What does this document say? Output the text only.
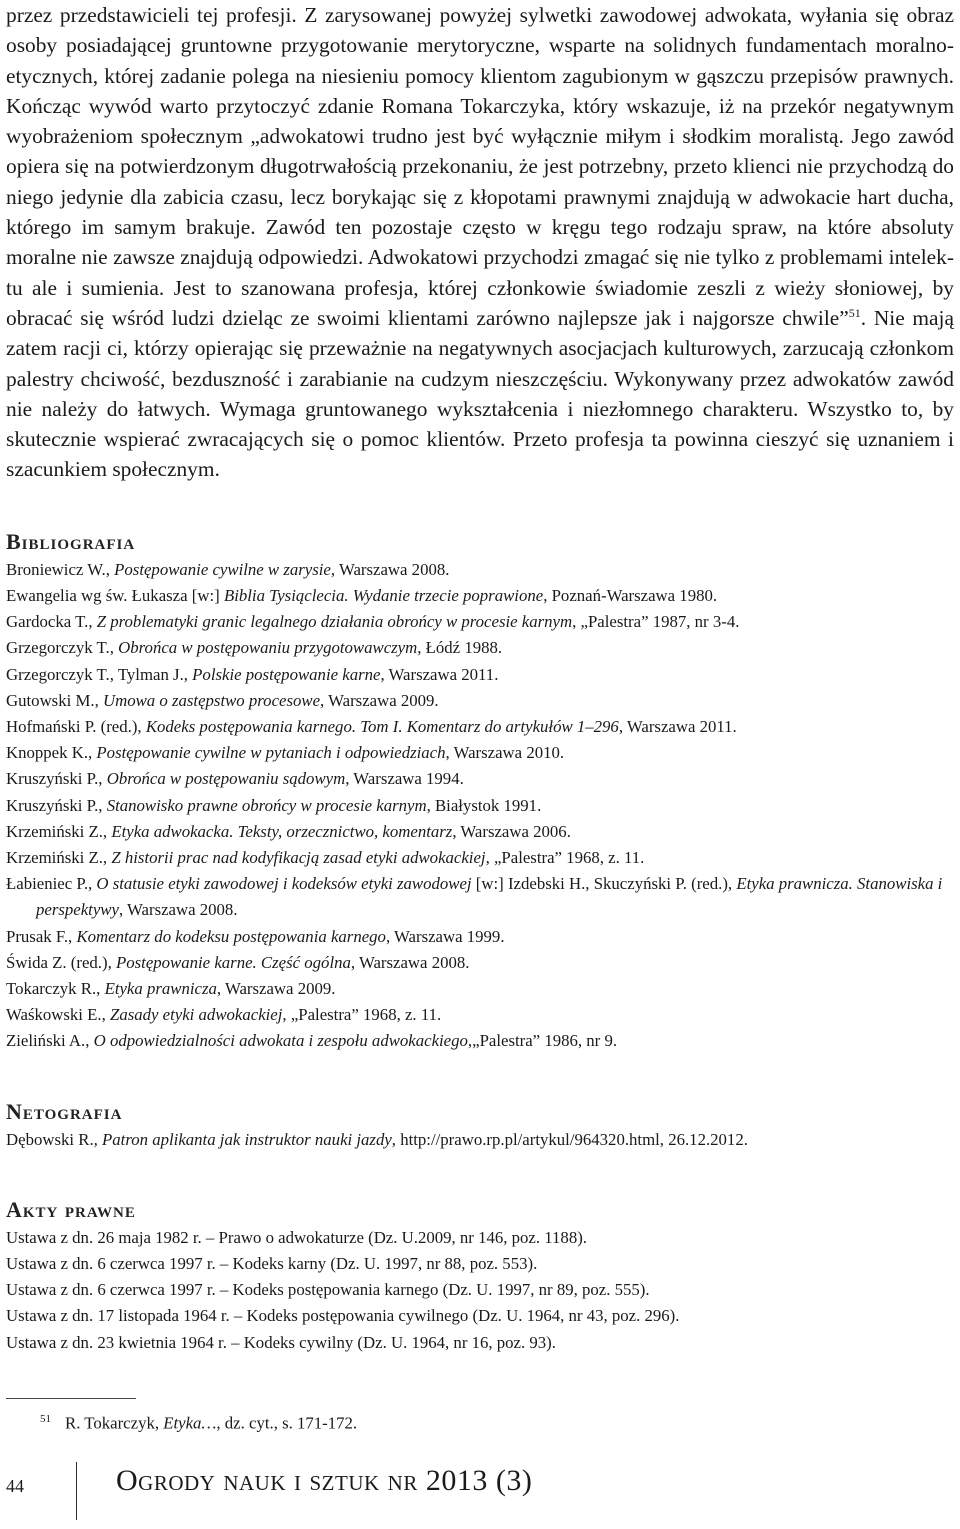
przez przedstawicieli tej profesji. Z zarysowanej powyżej sylwetki zawodowej adwokata, wyłania się obraz osoby posiadającej gruntowne przygotowanie merytoryczne, wsparte na solidnych fundamentach moralno-etycznych, której zadanie polega na niesieniu pomocy klientom zagubionym w gąszczu przepisów prawnych. Kończąc wywód warto przytoczyć zdanie Romana Tokarczyka, który wskazuje, iż na przekór negatywnym wyobrażeniom społecznym „adwokatowi trudno jest być wyłącznie miłym i słodkim moralistą. Jego zawód opiera się na potwierdzonym długotrwałością przekonaniu, że jest potrzebny, przeto klienci nie przychodzą do niego jedynie dla zabicia czasu, lecz borykając się z kłopotami prawnymi znajdują w adwokacie hart ducha, którego im samym brakuje. Zawód ten pozostaje często w kręgu tego rodzaju spraw, na które absoluty moralne nie zawsze znajdują odpowiedzi. Adwokatowi przychodzi zmagać się nie tylko z problemami intelektu ale i sumienia. Jest to szanowana profesja, której członkowie świadomie zeszli z wieży słoniowej, by obracać się wśród ludzi dzieląc ze swoimi klientami zarówno najlepsze jak i najgorsze chwile”$^{51}$. Nie mają zatem racji ci, którzy opierając się przeważnie na negatywnych asocjacjach kulturowych, zarzucają członkom palestry chciwość, bezduszność i zarabianie na cudzym nieszczęściu. Wykonywany przez adwokatów zawód nie należy do łatwych. Wymaga gruntowanego wykształcenia i niezłomnego charakteru. Wszystko to, by skutecznie wspierać zwracających się o pomoc klientów. Przeto profesja ta powinna cieszyć się uznaniem i szacunkiem społecznym.

Bibliografia
Broniewicz W., Postępowanie cywilne w zarysie, Warszawa 2008.
Ewangelia wg św. Łukasza [w:] Biblia Tysiąclecia. Wydanie trzecie poprawione, Poznań-Warszawa 1980.
Gardocka T., Z problematyki granic legalnego działania obrońcy w procesie karnym, „Palestra” 1987, nr 3-4.
Grzegorczyk T., Obrońca w postępowaniu przygotowawczym, Łódź 1988.
Grzegorczyk T., Tylman J., Polskie postępowanie karne, Warszawa 2011.
Gutowski M., Umowa o zastępstwo procesowe, Warszawa 2009.
Hofmański P. (red.), Kodeks postępowania karnego. Tom I. Komentarz do artykułów 1–296, Warszawa 2011.
Knoppek K., Postępowanie cywilne w pytaniach i odpowiedziach, Warszawa 2010.
Kruszyński P., Obrońca w postępowaniu sądowym, Warszawa 1994.
Kruszyński P., Stanowisko prawne obrońcy w procesie karnym, Białystok 1991.
Krzemiński Z., Etyka adwokacka. Teksty, orzecznictwo, komentarz, Warszawa 2006.
Krzemiński Z., Z historii prac nad kodyfikacją zasad etyki adwokackiej, „Palestra” 1968, z. 11.
Łabieniec P., O statusie etyki zawodowej i kodeksów etyki zawodowej [w:] Izdebski H., Skuczyński P. (red.), Etyka prawnicza. Stanowiska i perspektywy, Warszawa 2008.
Prusak F., Komentarz do kodeksu postępowania karnego, Warszawa 1999.
Świda Z. (red.), Postępowanie karne. Część ogólna, Warszawa 2008.
Tokarczyk R., Etyka prawnicza, Warszawa 2009.
Waśkowski E., Zasady etyki adwokackiej, „Palestra” 1968, z. 11.
Zieliński A., O odpowiedzialności adwokata i zespołu adwokackiego,„Palestra” 1986, nr 9.
Netografia
Dębowski R., Patron aplikanta jak instruktor nauki jazdy, http://prawo.rp.pl/artykul/964320.html, 26.12.2012.
Akty prawne
Ustawa z dn. 26 maja 1982 r. – Prawo o adwokaturze (Dz. U.2009, nr 146, poz. 1188).
Ustawa z dn. 6 czerwca 1997 r. – Kodeks karny (Dz. U. 1997, nr 88, poz. 553).
Ustawa z dn. 6 czerwca 1997 r. – Kodeks postępowania karnego (Dz. U. 1997, nr 89, poz. 555).
Ustawa z dn. 17 listopada 1964 r. – Kodeks postępowania cywilnego (Dz. U. 1964, nr 43, poz. 296).
Ustawa z dn. 23 kwietnia 1964 r. – Kodeks cywilny (Dz. U. 1964, nr 16, poz. 93).
$^{51}$ R. Tokarczyk, Etyka…, dz. cyt., s. 171-172.
44	Ogrody nauk i sztuk nr 2013 (3)
